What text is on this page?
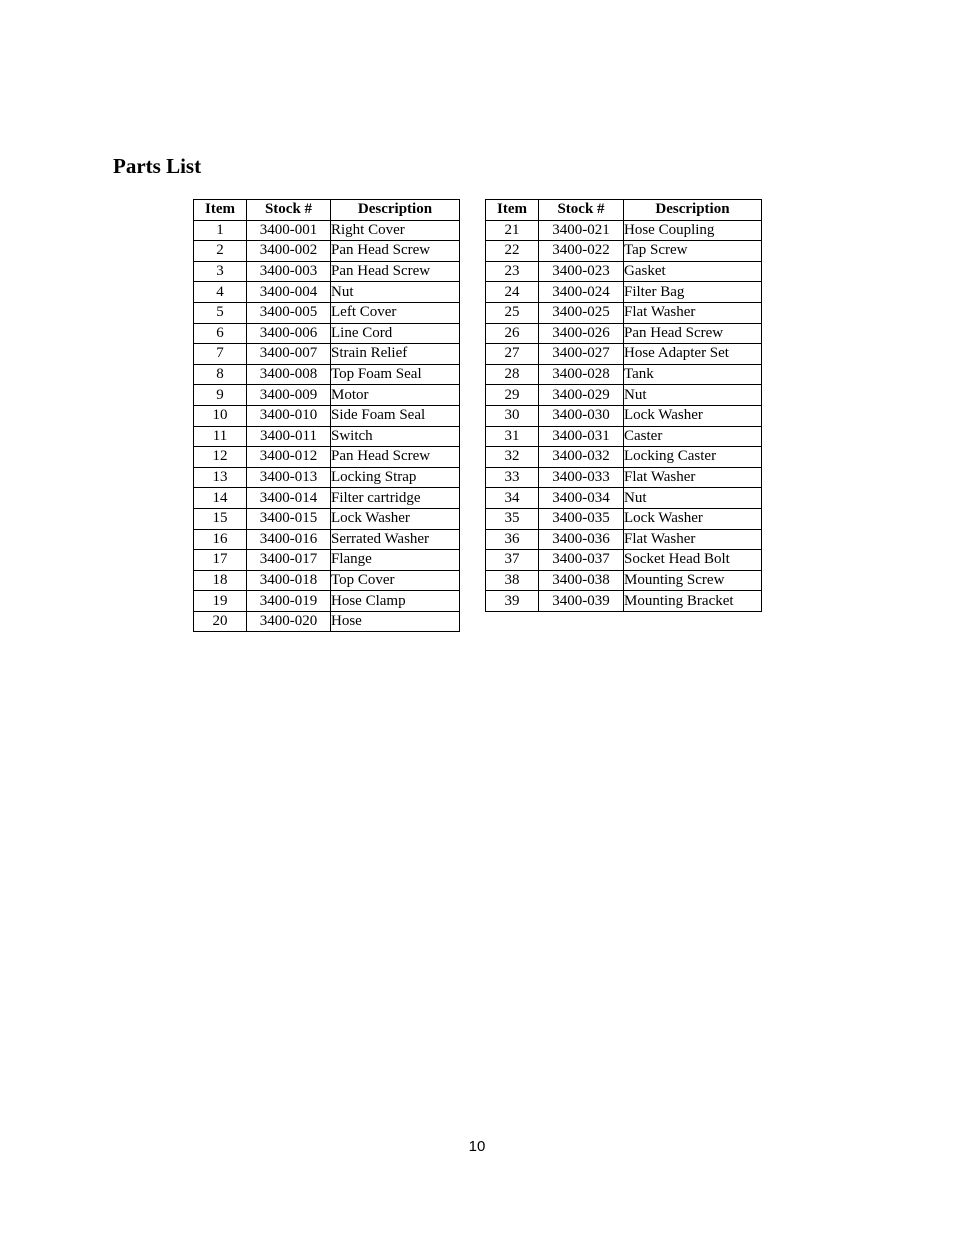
Parts List
Item	Stock #	Description
1	3400-001	Right Cover
2	3400-002	Pan Head Screw
3	3400-003	Pan Head Screw
4	3400-004	Nut
5	3400-005	Left Cover
6	3400-006	Line Cord
7	3400-007	Strain Relief
8	3400-008	Top Foam Seal
9	3400-009	Motor
10	3400-010	Side Foam Seal
11	3400-011	Switch
12	3400-012	Pan Head Screw
13	3400-013	Locking Strap
14	3400-014	Filter cartridge
15	3400-015	Lock Washer
16	3400-016	Serrated Washer
17	3400-017	Flange
18	3400-018	Top Cover
19	3400-019	Hose Clamp
20	3400-020	Hose
Item	Stock #	Description
21	3400-021	Hose Coupling
22	3400-022	Tap Screw
23	3400-023	Gasket
24	3400-024	Filter Bag
25	3400-025	Flat Washer
26	3400-026	Pan Head Screw
27	3400-027	Hose Adapter Set
28	3400-028	Tank
29	3400-029	Nut
30	3400-030	Lock Washer
31	3400-031	Caster
32	3400-032	Locking Caster
33	3400-033	Flat Washer
34	3400-034	Nut
35	3400-035	Lock Washer
36	3400-036	Flat Washer
37	3400-037	Socket Head Bolt
38	3400-038	Mounting Screw
39	3400-039	Mounting Bracket
10
